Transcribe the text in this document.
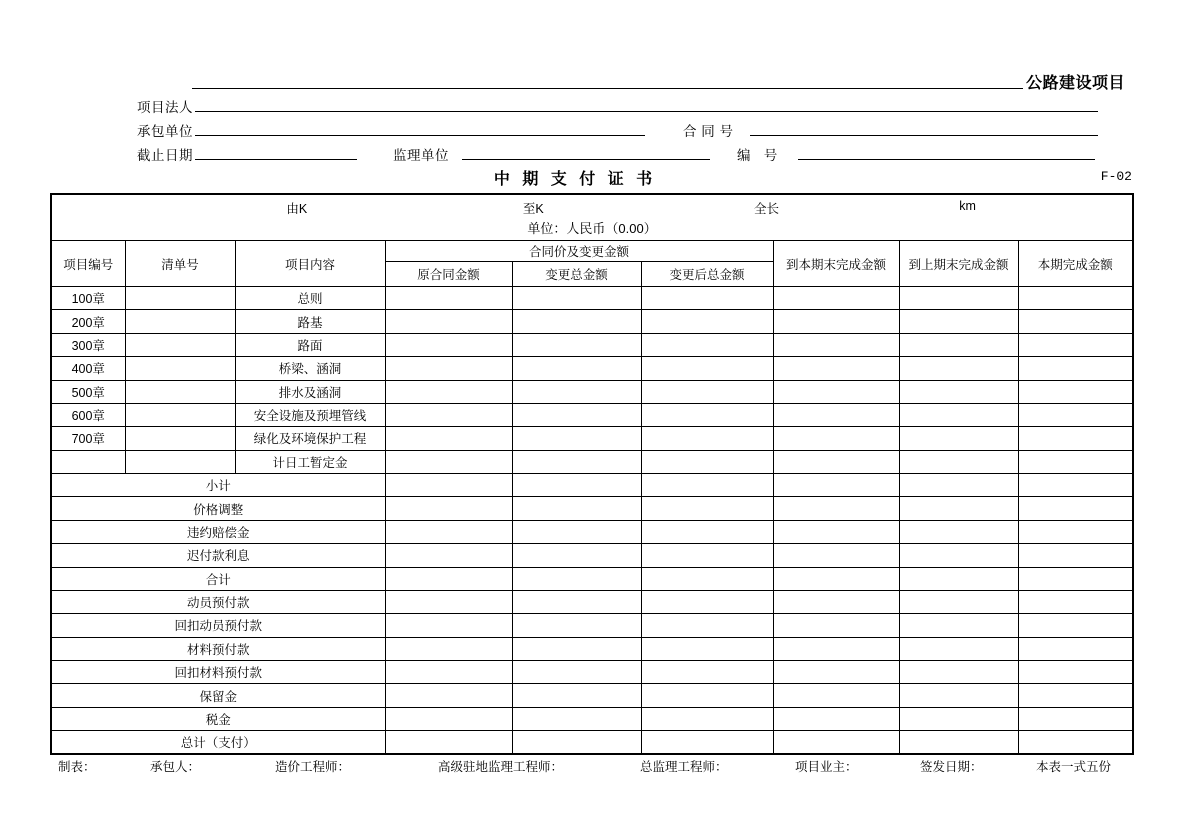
公路建设项目
项目法人
承包单位	合 同 号
截止日期	监理单位	编   号
中 期 支 付 证 书	F-02
由K 至K 全长 km
单位：人民币（0.00）								

项目编号	清单号	项目内容	合同价及变更金额			到本期末完成金额	到上期末完成金额	本期完成金额
			原合同金额	变更总金额	变更后总金额			
100章		总则						
200章		路基						
300章		路面						
400章		桥梁、涵洞						
500章		排水及涵洞						
600章		安全设施及预埋管线						
700章		绿化及环境保护工程						
		计日工暂定金						
小计								
价格调整								
违约赔偿金								
迟付款利息								
合计								
动员预付款								
回扣动员预付款								
材料预付款								
回扣材料预付款								
保留金								
税金								
总计（支付）								
制表：	承包人：	造价工程师：	高级驻地监理工程师：	总监理工程师：	项目业主：	签发日期：	本表一式五份
